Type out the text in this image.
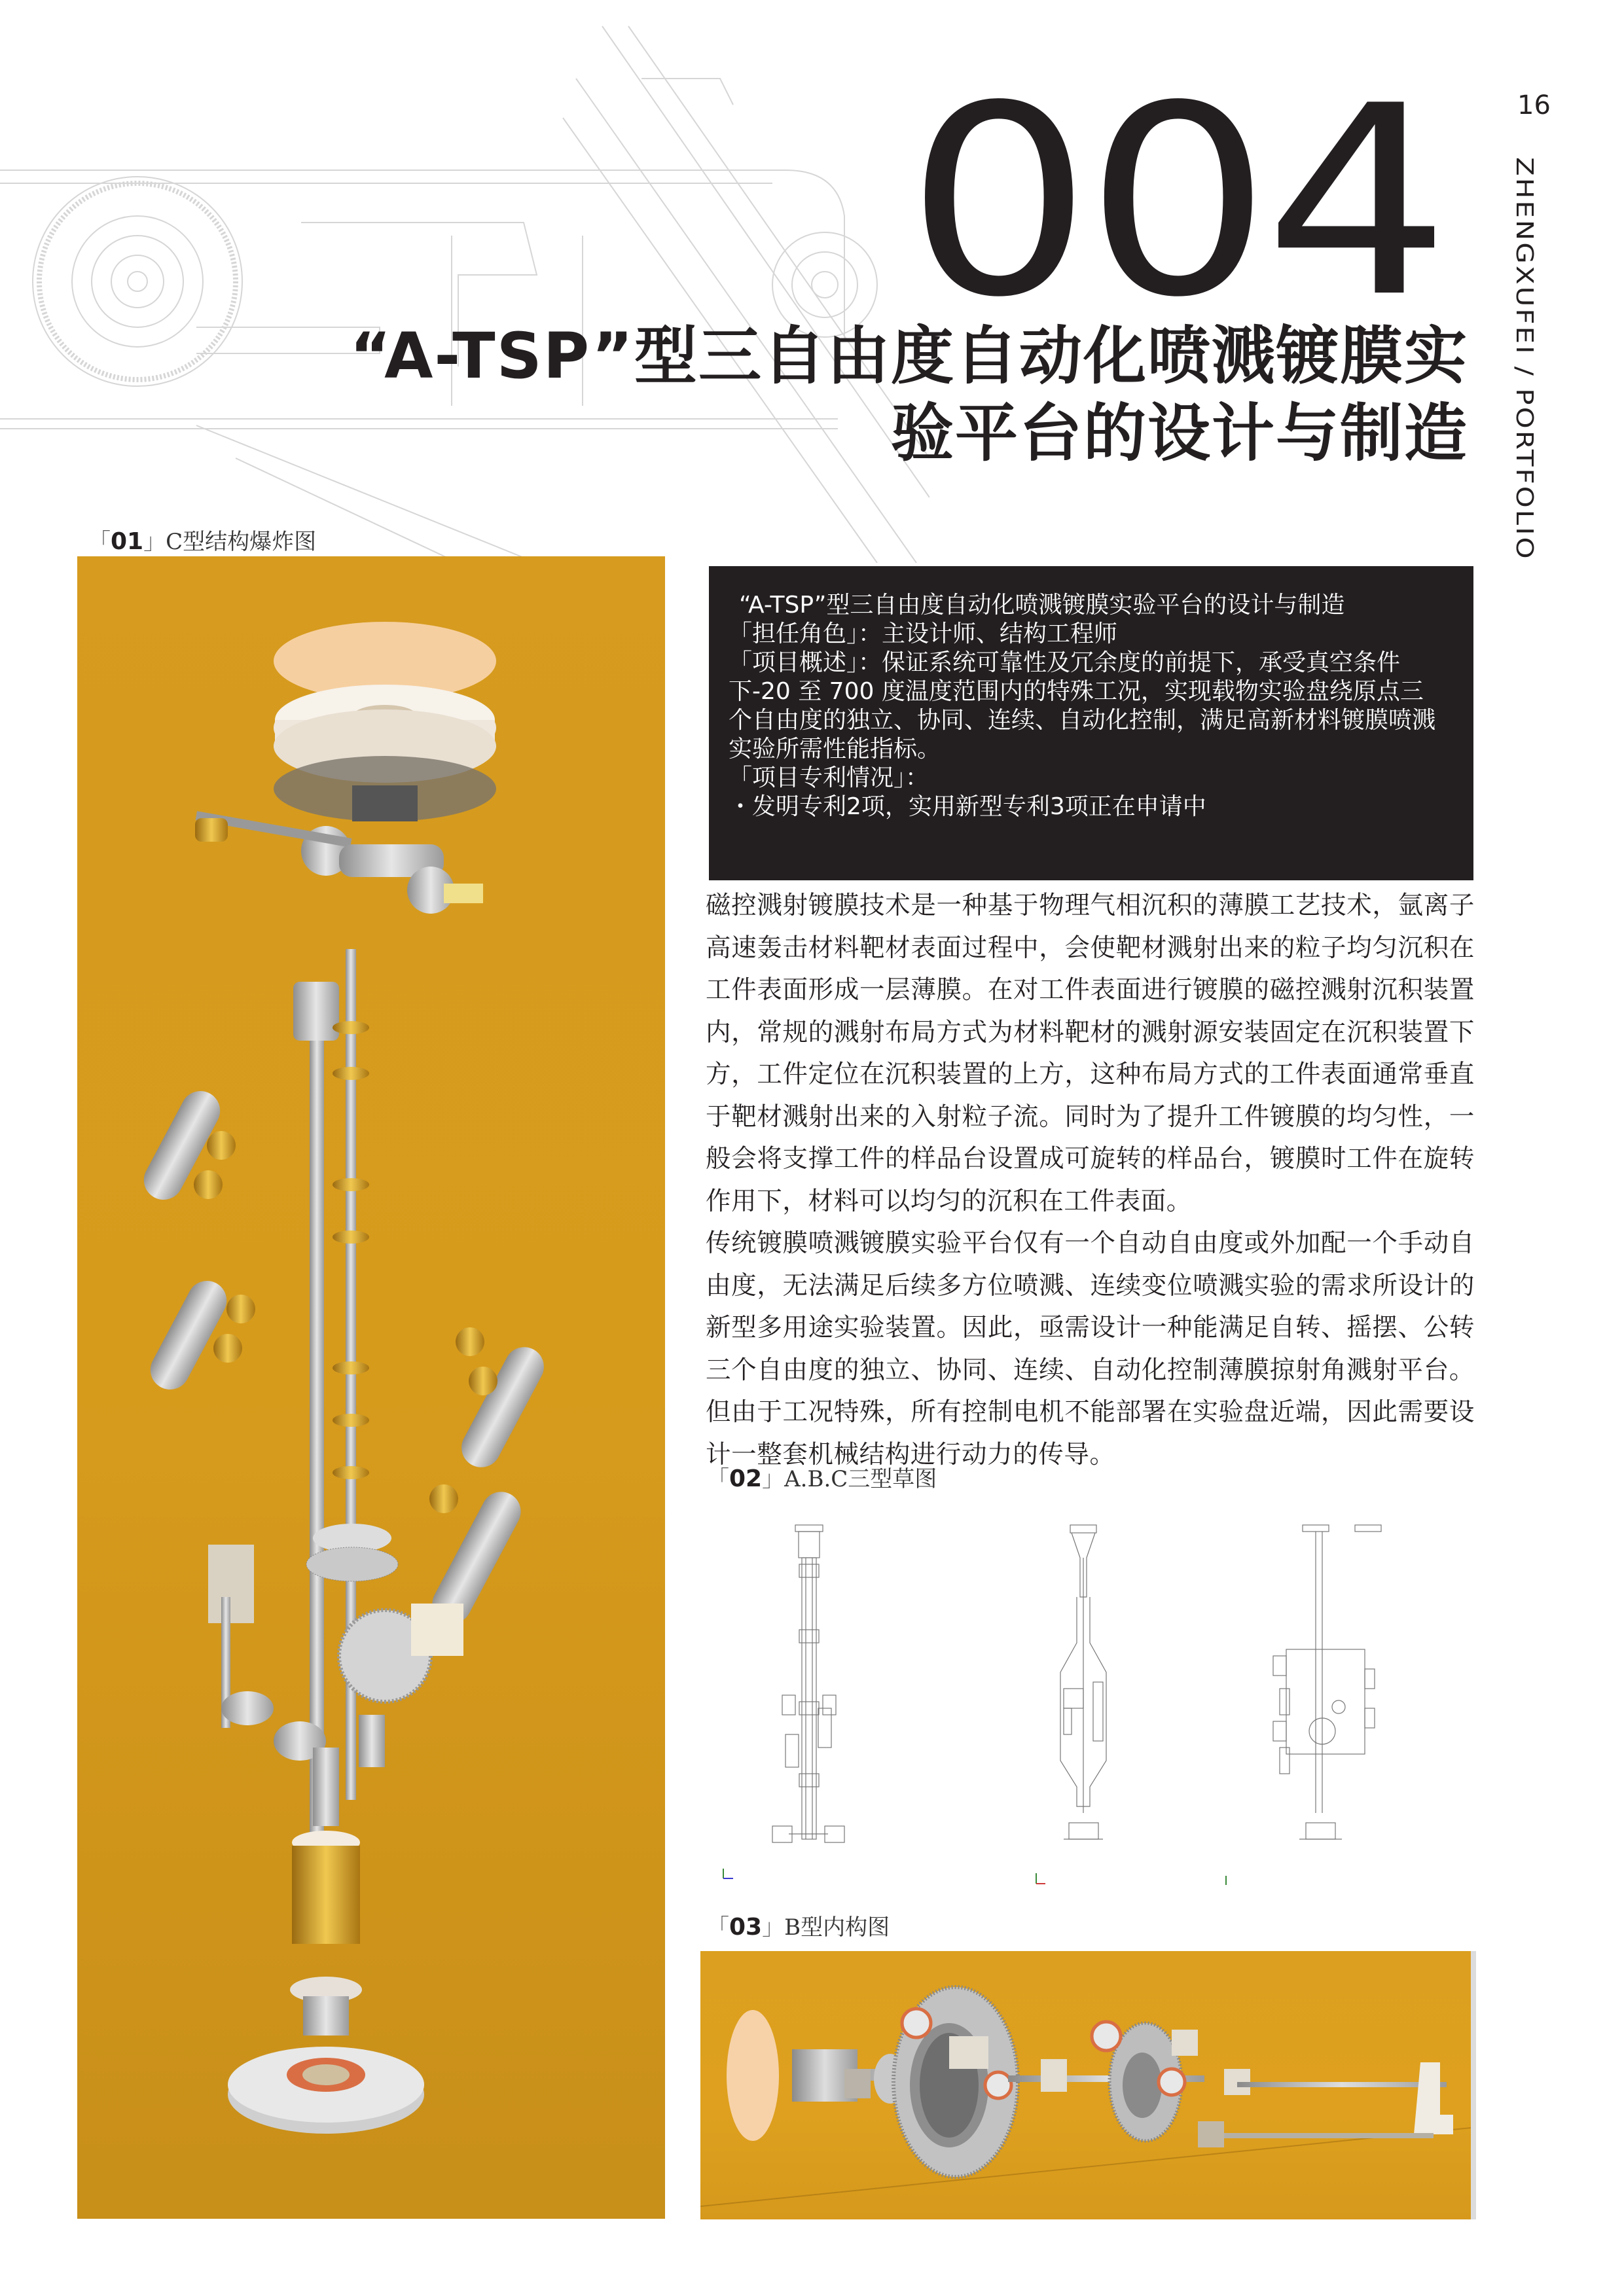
004
“A-TSP”型三自由度自动化喷溅镀膜实
验平台的设计与制造
16
ZHENGXUFEI / PORTFOLIO
「01」C型结构爆炸图
“A-TSP”型三自由度自动化喷溅镀膜实验平台的设计与制造
「担任角色」：主设计师、结构工程师
「项目概述」：保证系统可靠性及冗余度的前提下，承受真空条件
下-20 至 700 度温度范围内的特殊工况，实现载物实验盘绕原点三
个自由度的独立、协同、连续、自动化控制，满足高新材料镀膜喷溅
实验所需性能指标。
「项目专利情况」：
・发明专利2项，实用新型专利3项正在申请中

磁控溅射镀膜技术是一种基于物理气相沉积的薄膜工艺技术，氩离子高速轰击材料靶材表面过程中，会使靶材溅射出来的粒子均匀沉积在工件表面形成一层薄膜。在对工件表面进行镀膜的磁控溅射沉积装置内，常规的溅射布局方式为材料靶材的溅射源安装固定在沉积装置下方，工件定位在沉积装置的上方，这种布局方式的工件表面通常垂直于靶材溅射出来的入射粒子流。同时为了提升工件镀膜的均匀性，一般会将支撑工件的样品台设置成可旋转的样品台，镀膜时工件在旋转作用下，材料可以均匀的沉积在工件表面。

传统镀膜喷溅镀膜实验平台仅有一个自动自由度或外加配一个手动自由度，无法满足后续多方位喷溅、连续变位喷溅实验的需求所设计的新型多用途实验装置。因此，亟需设计一种能满足自转、摇摆、公转三个自由度的独立、协同、连续、自动化控制薄膜掠射角溅射平台。但由于工况特殊，所有控制电机不能部署在实验盘近端，因此需要设计一整套机械结构进行动力的传导。

「02」A.B.C三型草图
「03」B型内构图
